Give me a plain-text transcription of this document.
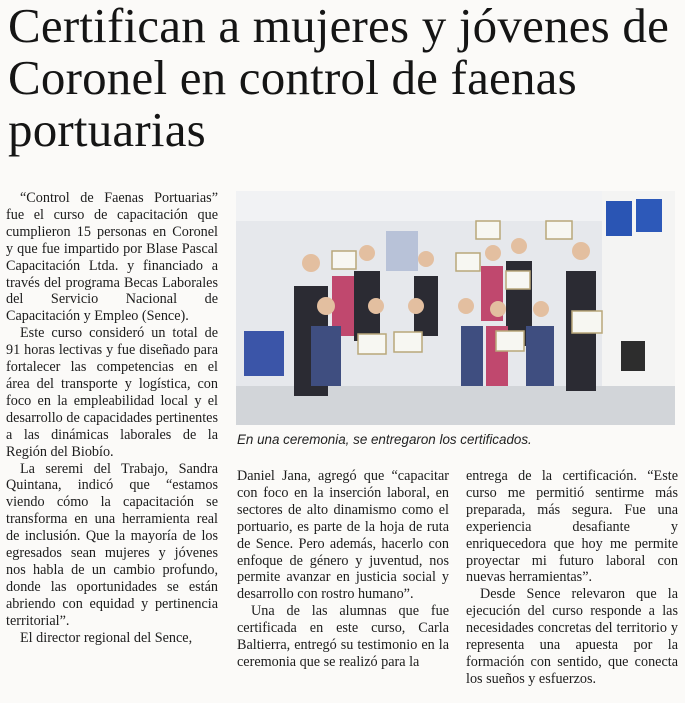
Certifican a mujeres y jóvenes de Coronel en control de faenas portuarias

“Control de Faenas Portuarias” fue el curso de capacitación que cumplieron 15 personas en Coronel y que fue impartido por Blase Pascal Capacitación Ltda. y financiado a través del programa Becas Laborales del Servicio Nacional de Capacitación y Empleo (Sence).

Este curso consideró un total de 91 horas lectivas y fue diseñado para fortalecer las competencias en el área del transporte y logística, con foco en la empleabilidad local y el desarrollo de capacidades pertinentes a las dinámicas laborales de la Región del Biobío.

La seremi del Trabajo, Sandra Quintana, indicó que “estamos viendo cómo la capacitación se transforma en una herramienta real de inclusión. Que la mayoría de los egresados sean mujeres y jóvenes nos habla de un cambio profundo, donde las oportunidades se están abriendo con equidad y pertinencia territorial”.

El director regional del Sence,

En una ceremonia, se entregaron los certificados.

Daniel Jana, agregó que “capacitar con foco en la inserción laboral, en sectores de alto dinamismo como el portuario, es parte de la hoja de ruta de Sence. Pero además, hacerlo con enfoque de género y juventud, nos permite avanzar en justicia social y desarrollo con rostro humano”.

Una de las alumnas que fue certificada en este curso, Carla Baltierra, entregó su testimonio en la ceremonia que se realizó para la

entrega de la certificación. “Este curso me permitió sentirme más preparada, más segura. Fue una experiencia desafiante y enriquecedora que hoy me permite proyectar mi futuro laboral con nuevas herramientas”.

Desde Sence relevaron que la ejecución del curso responde a las necesidades concretas del territorio y representa una apuesta por la formación con sentido, que conecta los sueños y esfuerzos.
